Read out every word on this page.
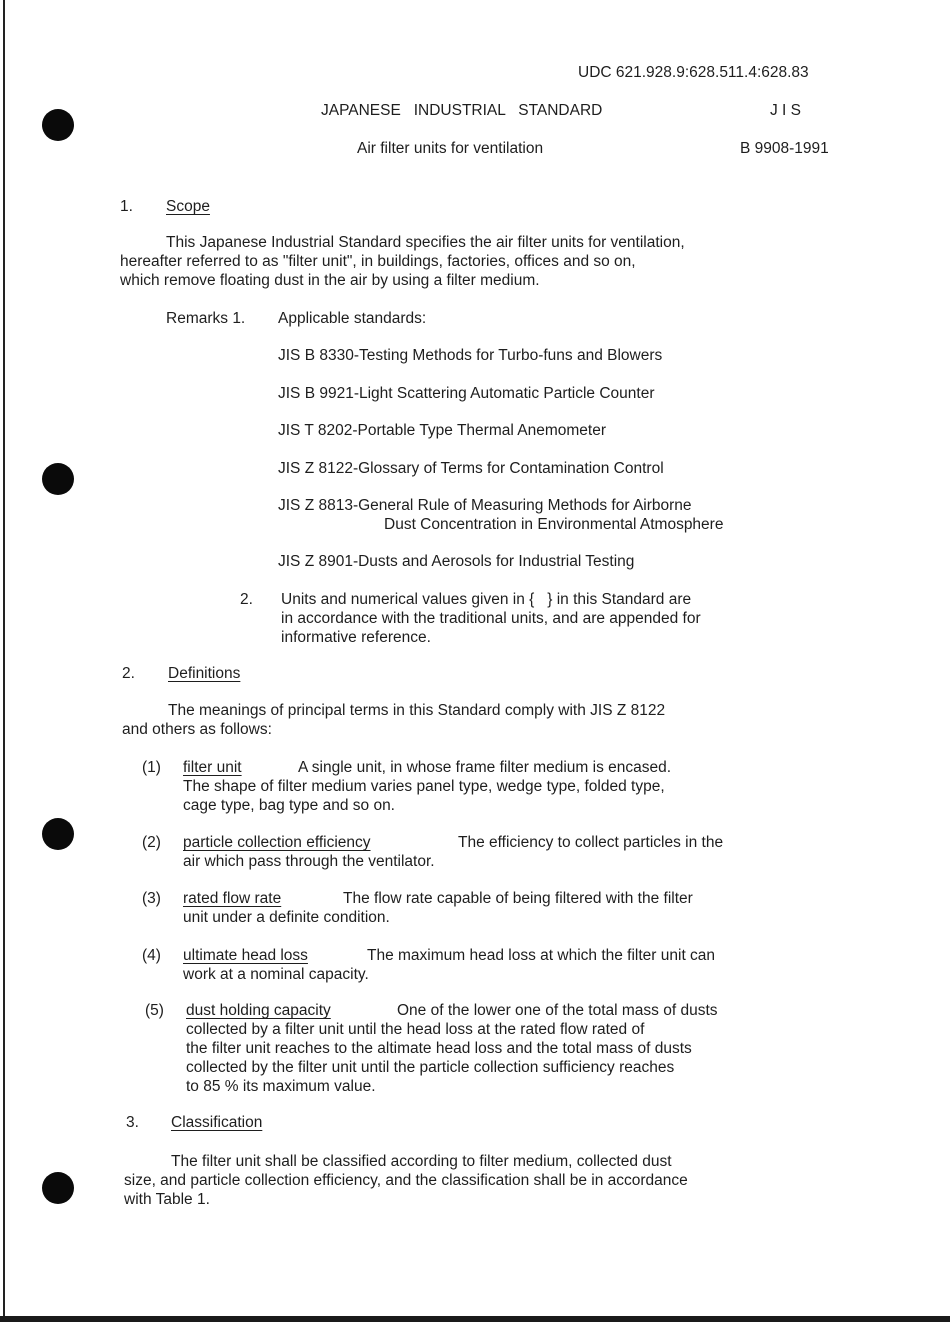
UDC 621.928.9:628.511.4:628.83
JAPANESE   INDUSTRIAL   STANDARD	J I S
Air filter units for ventilation	B 9908-1991
1. Scope
This Japanese Industrial Standard specifies the air filter units for ventilation,
hereafter referred to as "filter unit", in buildings, factories, offices and so on,
which remove floating dust in the air by using a filter medium.
Remarks 1. Applicable standards:
JIS B 8330-Testing Methods for Turbo-funs and Blowers
JIS B 9921-Light Scattering Automatic Particle Counter
JIS T 8202-Portable Type Thermal Anemometer
JIS Z 8122-Glossary of Terms for Contamination Control
JIS Z 8813-General Rule of Measuring Methods for Airborne
Dust Concentration in Environmental Atmosphere
JIS Z 8901-Dusts and Aerosols for Industrial Testing
2. Units and numerical values given in {   } in this Standard are
in accordance with the traditional units, and are appended for
informative reference.
2. Definitions
The meanings of principal terms in this Standard comply with JIS Z 8122
and others as follows:
(1) filter unit	A single unit, in whose frame filter medium is encased.
The shape of filter medium varies panel type, wedge type, folded type,
cage type, bag type and so on.
(2) particle collection efficiency	The efficiency to collect particles in the
air which pass through the ventilator.
(3) rated flow rate	The flow rate capable of being filtered with the filter
unit under a definite condition.
(4) ultimate head loss	The maximum head loss at which the filter unit can
work at a nominal capacity.
(5) dust holding capacity	One of the lower one of the total mass of dusts
collected by a filter unit until the head loss at the rated flow rated of
the filter unit reaches to the altimate head loss and the total mass of dusts
collected by the filter unit until the particle collection sufficiency reaches
to 85 % its maximum value.
3. Classification
The filter unit shall be classified according to filter medium, collected dust
size, and particle collection efficiency, and the classification shall be in accordance
with Table 1.
